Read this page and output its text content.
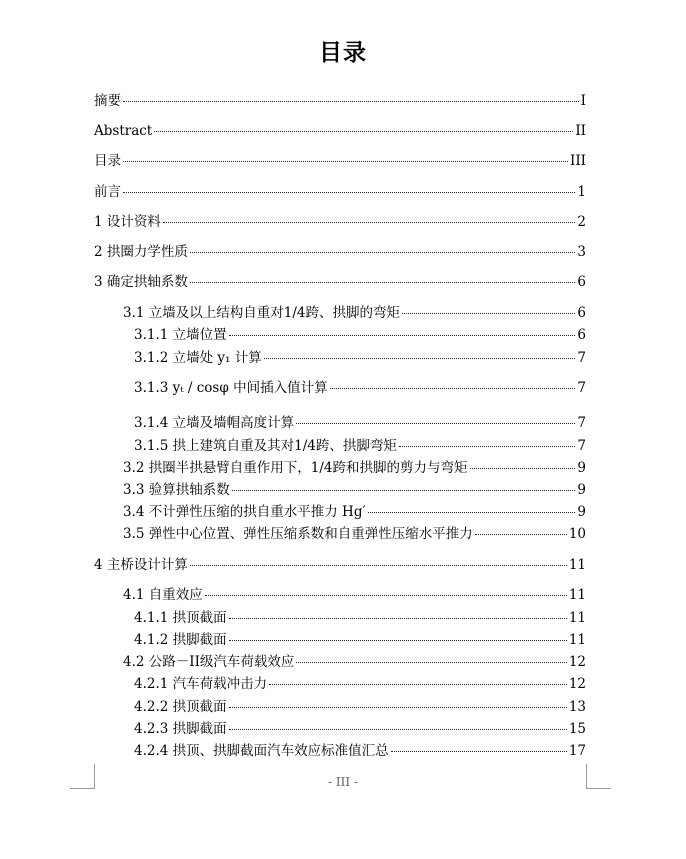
目录
摘要	I
Abstract	II
目录	III
前言	1
1 设计资料	2
2 拱圈力学性质	3
3 确定拱轴系数	6
3.1 立墙及以上结构自重对1/4跨、拱脚的弯矩	6
3.1.1 立墙位置	6
3.1.2 立墙处 y₁ 计算	7
3.1.3 yₜ / cosφ 中间插入值计算	7
3.1.4 立墙及墙帽高度计算	7
3.1.5 拱上建筑自重及其对1/4跨、拱脚弯矩	7
3.2 拱圈半拱悬臂自重作用下，1/4跨和拱脚的剪力与弯矩	9
3.3 验算拱轴系数	9
3.4 不计弹性压缩的拱自重水平推力 Hg′	9
3.5 弹性中心位置、弹性压缩系数和自重弹性压缩水平推力	10
4 主桥设计计算	11
4.1 自重效应	11
4.1.1 拱顶截面	11
4.1.2 拱脚截面	11
4.2 公路－II级汽车荷载效应	12
4.2.1 汽车荷载冲击力	12
4.2.2 拱顶截面	13
4.2.3 拱脚截面	15
4.2.4 拱顶、拱脚截面汽车效应标准值汇总	17
- III -
